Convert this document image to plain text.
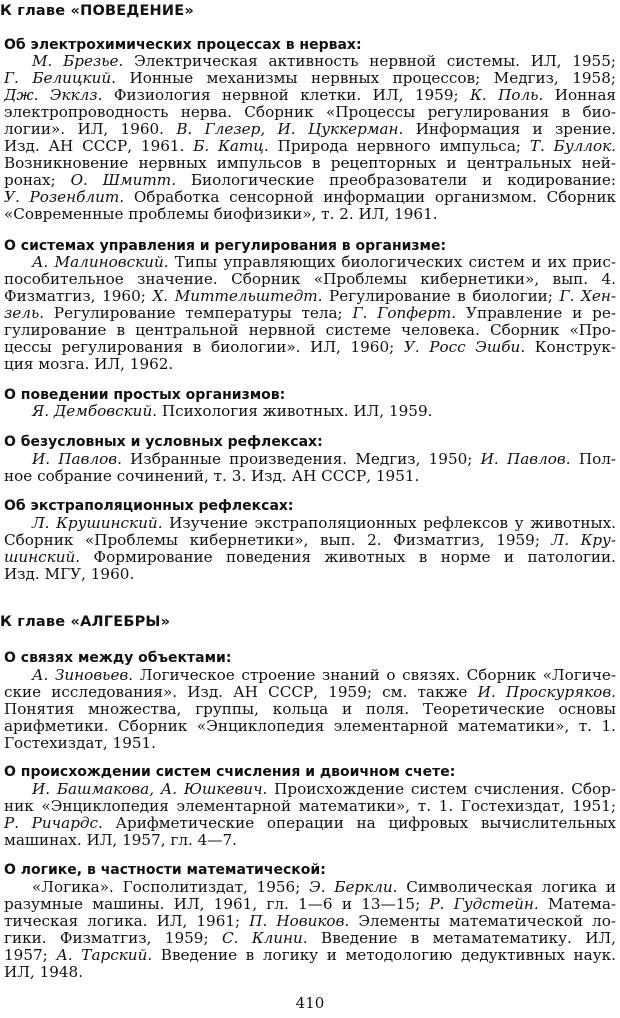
К главе «ПОВЕДЕНИЕ»
Об электрохимических процессах в нервах:
М. Брезье. Электрическая активность нервной системы. ИЛ, 1955;
Г. Белицкий. Ионные механизмы нервных процессов; Медгиз, 1958;
Дж. Экклз. Физиология нервной клетки. ИЛ, 1959; К. Поль. Ионная
электропроводность нерва. Сборник «Процессы регулирования в био-
логии». ИЛ, 1960. В. Глезер, И. Цуккерман. Информация и зрение.
Изд. АН СССР, 1961. Б. Катц. Природа нервного импульса; Т. Буллок.
Возникновение нервных импульсов в рецепторных и центральных ней-
ронах; О. Шмитт. Биологические преобразователи и кодирование:
У. Розенблит. Обработка сенсорной информации организмом. Сборник
«Современные проблемы биофизики», т. 2. ИЛ, 1961.
О системах управления и регулирования в организме:
А. Малиновский. Типы управляющих биологических систем и их прис-
пособительное значение. Сборник «Проблемы кибернетики», вып. 4.
Физматгиз, 1960; Х. Миттельштедт. Регулирование в биологии; Г. Хен-
зель. Регулирование температуры тела; Г. Гопферт. Управление и ре-
гулирование в центральной нервной системе человека. Сборник «Про-
цессы регулирования в биологии». ИЛ, 1960; У. Росс Эшби. Конструк-
ция мозга. ИЛ, 1962.
О поведении простых организмов:
Я. Дембовский. Психология животных. ИЛ, 1959.
О безусловных и условных рефлексах:
И. Павлов. Избранные произведения. Медгиз, 1950; И. Павлов. Пол-
ное собрание сочинений, т. 3. Изд. АН СССР, 1951.
Об экстраполяционных рефлексах:
Л. Крушинский. Изучение экстраполяционных рефлексов у животных.
Сборник «Проблемы кибернетики», вып. 2. Физматгиз, 1959; Л. Кру-
шинский. Формирование поведения животных в норме и патологии.
Изд. МГУ, 1960.
К главе «АЛГЕБРЫ»
О связях между объектами:
А. Зиновьев. Логическое строение знаний о связях. Сборник «Логиче-
ские исследования». Изд. АН СССР, 1959; см. также И. Проскуряков.
Понятия множества, группы, кольца и поля. Теоретические основы
арифметики. Сборник «Энциклопедия элементарной математики», т. 1.
Гостехиздат, 1951.
О происхождении систем счисления и двоичном счете:
И. Башмакова, А. Юшкевич. Происхождение систем счисления. Сбор-
ник «Энциклопедия элементарной математики», т. 1. Гостехиздат, 1951;
Р. Ричардс. Арифметические операции на цифровых вычислительных
машинах. ИЛ, 1957, гл. 4—7.
О логике, в частности математической:
«Логика». Госполитиздат, 1956; Э. Беркли. Символическая логика и
разумные машины. ИЛ, 1961, гл. 1—6 и 13—15; Р. Гудстейн. Матема-
тическая логика. ИЛ, 1961; П. Новиков. Элементы математической ло-
гики. Физматгиз, 1959; С. Клини. Введение в метаматематику. ИЛ,
1957; А. Тарский. Введение в логику и методологию дедуктивных наук.
ИЛ, 1948.
410
